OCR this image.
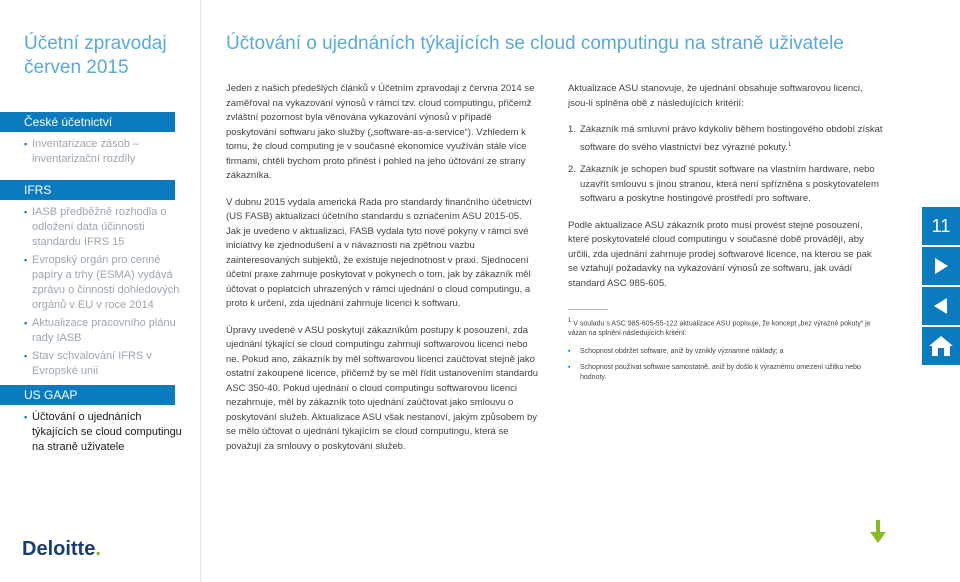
Účetní zpravodaj
červen 2015
České účetnictví
▪ Inventarizace zásob – inventarizační rozdíly
IFRS
▪ IASB předběžně rozhodla o odložení data účinnosti standardu IFRS 15
▪ Evropský orgán pro cenné papíry a trhy (ESMA) vydává zprávu o činnosti dohledových orgánů v EU v roce 2014
▪ Aktualizace pracovního plánu rady IASB
▪ Stav schvalování IFRS v Evropské unii
US GAAP
▪ Účtování o ujednáních týkajících se cloud computingu na straně uživatele
Deloitte.
Účtování o ujednáních týkajících se cloud computingu na straně uživatele

Jeden z našich předešlých článků v Účetním zpravodaji z června 2014 se zaměřoval na vykazování výnosů v rámci tzv. cloud computingu, přičemž zvláštní pozornost byla věnována vykazování výnosů v případě poskytování softwaru jako služby („software-as-a-service“). Vzhledem k tomu, že cloud computing je v současné ekonomice využíván stále více firmami, chtěli bychom proto přinést i pohled na jeho účtování ze strany zákazníka.

V dubnu 2015 vydala americká Rada pro standardy finančního účetnictví (US FASB) aktualizaci účetního standardu s označením ASU 2015-05. Jak je uvedeno v aktualizaci, FASB vydala tyto nové pokyny v rámci své iniciativy ke zjednodušení a v návaznosti na zpětnou vazbu zainteresovaných subjektů, že existuje nejednotnost v praxi. Sjednocení účetní praxe zahrnuje poskytovat v pokynech o tom, jak by zákazník měl účtovat o poplatcích uhrazených v rámci ujednání o cloud computingu, a proto k určení, zda ujednání zahrnuje licenci k softwaru.

Úpravy uvedené v ASU poskytují zákazníkům postupy k posouzení, zda ujednání týkající se cloud computingu zahrnují softwarovou licenci nebo ne. Pokud ano, zákazník by měl softwarovou licenci zaúčtovat stejně jako ostatní zakoupené licence, přičemž by se měl řídit ustanovením standardu ASC 350-40. Pokud ujednání o cloud computingu softwarovou licenci nezahrnuje, měl by zákazník toto ujednání zaúčtovat jako smlouvu o poskytování služeb. Aktualizace ASU však nestanoví, jakým způsobem by se mělo účtovat o ujednání týkajícím se cloud computingu, která se považují za smlouvy o poskytování služeb.

Aktualizace ASU stanovuje, že ujednání obsahuje softwarovou licenci, jsou-li splněna obě z následujících kritérií:

1. Zákazník má smluvní právo kdykoliv během hostingového období získat software do svého vlastnictví bez výrazné pokuty.$^1$
2. Zákazník je schopen buď spustit software na vlastním hardware, nebo uzavřít smlouvu s jinou stranou, která není spřízněna s poskytovatelem softwaru a poskytne hostingové prostředí pro software.

Podle aktualizace ASU zákazník proto musí provést stejné posouzení, které poskytovatelé cloud computingu v současné době provádějí, aby určili, zda ujednání zahrnuje prodej softwarové licence, na kterou se pak se vztahují požadavky na vykazování výnosů ze softwaru, jak uvádí standard ASC 985-605.

$^1$ V souladu s ASC 985-605-55-122 aktualizace ASU popisuje, že koncept „bez výrazné pokuty“ je vázán na splnění následujících kritérií:
▪ Schopnost obdržet software, aniž by vznikly významné náklady; a
▪ Schopnost používat software samostatně, aniž by došlo k výraznému omezení užitku nebo hodnoty.
11
